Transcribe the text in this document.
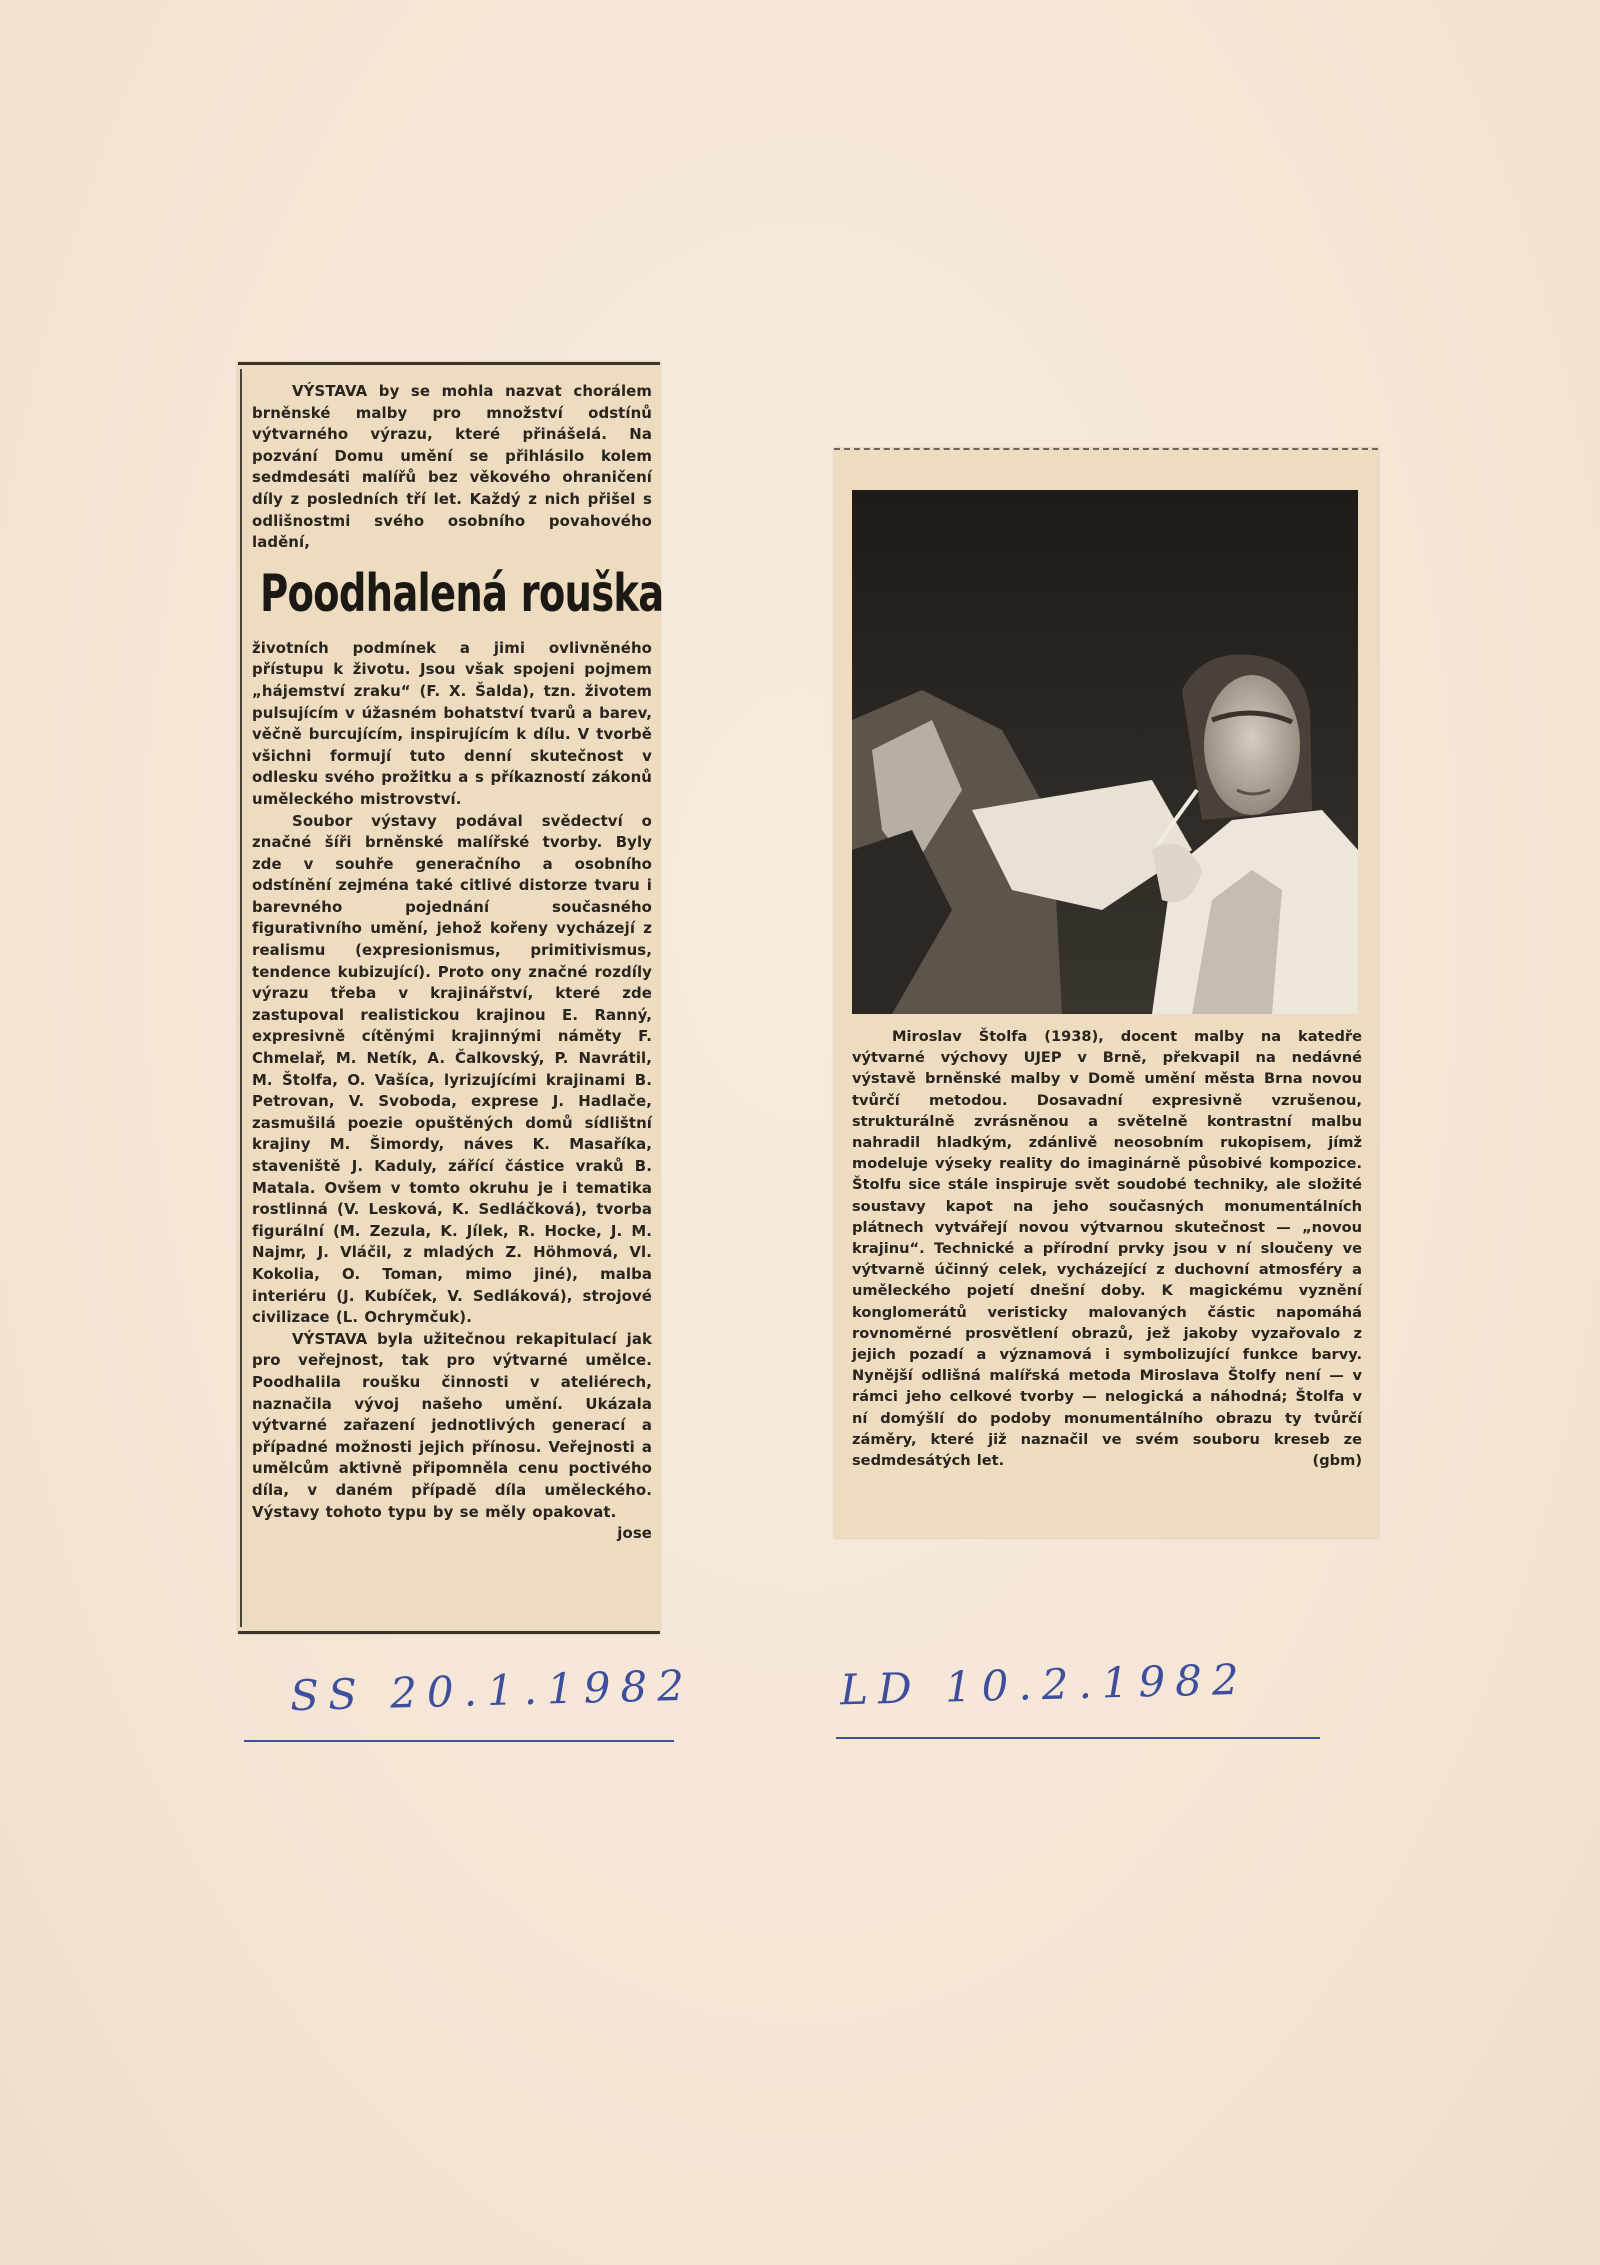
VÝSTAVA by se mohla nazvat chorálem brněnské malby pro množství odstínů výtvarného výrazu, které přinášelá. Na pozvání Domu umění se přihlásilo kolem sedmdesáti malířů bez věkového ohraničení díly z posledních tří let. Každý z nich přišel s odlišnostmi svého osobního povahového ladění,

Poodhalená rouška

životních podmínek a jimi ovlivněného přístupu k životu. Jsou však spojeni pojmem „hájemství zraku“ (F. X. Šalda), tzn. životem pulsujícím v úžasném bohatství tvarů a barev, věčně burcujícím, inspirujícím k dílu. V tvorbě všichni formují tuto denní skutečnost v odlesku svého prožitku a s příkazností zákonů uměleckého mistrovství.

Soubor výstavy podával svědectví o značné šíři brněnské malířské tvorby. Byly zde v souhře generačního a osobního odstínění zejména také citlivé distorze tvaru i barevného pojednání současného figurativního umění, jehož kořeny vycházejí z realismu (expresionismus, primitivismus, tendence kubizující). Proto ony značné rozdíly výrazu třeba v krajinářství, které zde zastupoval realistickou krajinou E. Ranný, expresivně cítěnými krajinnými náměty F. Chmelař, M. Netík, A. Čalkovský, P. Navrátil, M. Štolfa, O. Vašíca, lyrizujícími krajinami B. Petrovan, V. Svoboda, exprese J. Hadlače, zasmušilá poezie opuštěných domů sídlištní krajiny M. Šimordy, náves K. Masaříka, staveniště J. Kaduly, zářící částice vraků B. Matala. Ovšem v tomto okruhu je i tematika rostlinná (V. Lesková, K. Sedláčková), tvorba figurální (M. Zezula, K. Jílek, R. Hocke, J. M. Najmr, J. Vláčil, z mladých Z. Höhmová, Vl. Kokolia, O. Toman, mimo jiné), malba interiéru (J. Kubíček, V. Sedláková), strojové civilizace (L. Ochrymčuk).

VÝSTAVA byla užitečnou rekapitulací jak pro veřejnost, tak pro výtvarné umělce. Poodhalila roušku činnosti v ateliérech, naznačila vývoj našeho umění. Ukázala výtvarné zařazení jednotlivých generací a případné možnosti jejich přínosu. Veřejnosti a umělcům aktivně připomněla cenu poctivého díla, v daném případě díla uměleckého. Výstavy tohoto typu by se měly opakovat.
jose

Miroslav Štolfa (1938), docent malby na katedře výtvarné výchovy UJEP v Brně, překvapil na nedávné výstavě brněnské malby v Domě umění města Brna novou tvůrčí metodou. Dosavadní expresivně vzrušenou, strukturálně zvrásněnou a světelně kontrastní malbu nahradil hladkým, zdánlivě neosobním rukopisem, jímž modeluje výseky reality do imaginárně působivé kompozice. Štolfu sice stále inspiruje svět soudobé techniky, ale složité soustavy kapot na jeho současných monumentálních plátnech vytvářejí novou výtvarnou skutečnost — „novou krajinu“. Technické a přírodní prvky jsou v ní sloučeny ve výtvarně účinný celek, vycházející z duchovní atmosféry a uměleckého pojetí dnešní doby. K magickému vyznění konglomerátů veristicky malovaných částic napomáhá rovnoměrné prosvětlení obrazů, jež jakoby vyzařovalo z jejich pozadí a významová i symbolizující funkce barvy. Nynější odlišná malířská metoda Miroslava Štolfy není — v rámci jeho celkové tvorby — nelogická a náhodná; Štolfa v ní domýšlí do podoby monumentálního obrazu ty tvůrčí záměry, které již naznačil ve svém souboru kreseb ze sedmdesátých let.	(gbm)

SS 20.1.1982	LD 10.2.1982
